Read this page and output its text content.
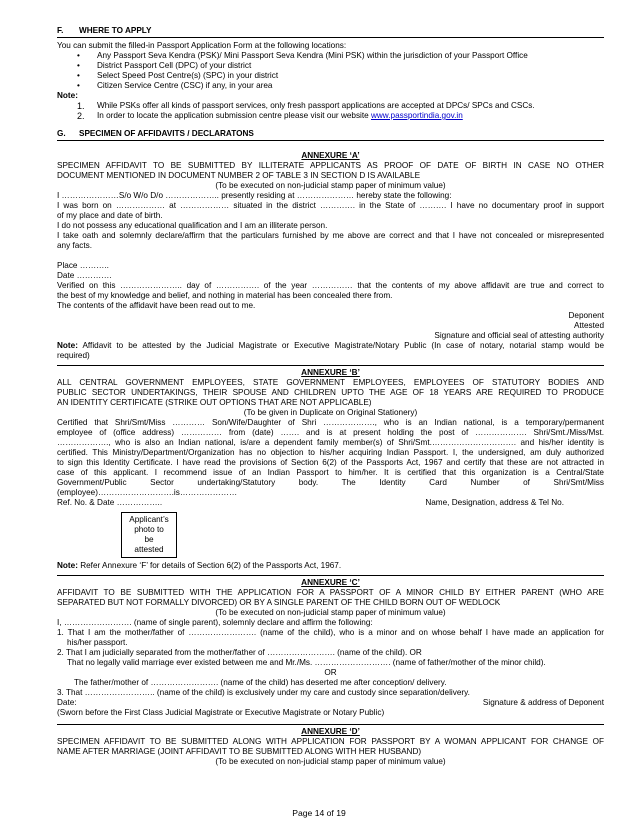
F. WHERE TO APPLY

You can submit the filled-in Passport Application Form at the following locations:

• Any Passport Seva Kendra (PSK)/ Mini Passport Seva Kendra (Mini PSK) within the jurisdiction of your Passport Office
• District Passport Cell (DPC) of your district
• Select Speed Post Centre(s) (SPC) in your district
• Citizen Service Centre (CSC) if any, in your area

Note:

1. While PSKs offer all kinds of passport services, only fresh passport applications are accepted at DPCs/ SPCs and CSCs.
2. In order to locate the application submission centre please visit our website www.passportindia.gov.in
G. SPECIMEN OF AFFIDAVITS / DECLARATONS

ANNEXURE ‘A’

SPECIMEN AFFIDAVIT TO BE SUBMITTED BY ILLITERATE APPLICANTS AS PROOF OF DATE OF BIRTH IN CASE NO OTHER

DOCUMENT MENTIONED IN DOCUMENT NUMBER 2 OF TABLE 3 IN SECTION D IS AVAILABLE

(To be executed on non-judicial stamp paper of minimum value)

I …………………S/o W/o D/o ……………….. presently residing at ………………… hereby state the following:

I was born on ……………… at ……………… situated in the district …………. in the State of ………. I have no documentary proof in support

of my place and date of birth.

I do not possess any educational qualification and I am an illiterate person.

I take oath and solemnly declare/affirm that the particulars furnished by me above are correct and that I have not concealed or misrepresented

any facts.

Place ………..

Date ………….

Verified on this ………………….. day of ……………. of the year …………… that the contents of my above affidavit are true and correct to

the best of my knowledge and belief, and nothing in material has been concealed there from.

The contents of the affidavit have been read out to me.

Deponent

Attested

Signature and official seal of attesting authority

Note: Affidavit to be attested by the Judicial Magistrate or Executive Magistrate/Notary Public (In case of notary, notarial stamp would be

required)

ANNEXURE ‘B’

ALL CENTRAL GOVERNMENT EMPLOYEES, STATE GOVERNMENT EMPLOYEES, EMPLOYEES OF STATUTORY BODIES AND

PUBLIC SECTOR UNDERTAKINGS, THEIR SPOUSE AND CHILDREN UPTO THE AGE OF 18 YEARS ARE REQUIRED TO PRODUCE

AN IDENTITY CERTIFICATE (STRIKE OUT OPTIONS THAT ARE NOT APPLICABLE)

(To be given in Duplicate on Original Stationery)

Certified that Shri/Smt/Miss ………… Son/Wife/Daughter of Shri ………………., who is an Indian national, is a temporary/permanent

employee of (office address) …………… from (date) ……. and is at present holding the post of ………………. Shri/Smt./Miss/Mst.

………………., who is also an Indian national, is/are a dependent family member(s) of Shri/Smt.…………………………. and his/her identity is

certified. This Ministry/Department/Organization has no objection to his/her acquiring Indian Passport. I, the undersigned, am duly authorized

to sign this Identity Certificate. I have read the provisions of Section 6(2) of the Passports Act, 1967 and certify that these are not attracted in

case of this applicant. I recommend issue of an Indian Passport to him/her. It is certified that this organization is a Central/State

Government/Public Sector undertaking/Statutory body. The Identity Card Number of Shri/Smt/Miss

(employee)……………………….is…………………

Ref. No. & Date ……………..	Name, Designation, address & Tel No.
Applicant’s
photo to
be
attested

Note: Refer Annexure ‘F’ for details of Section 6(2) of the Passports Act, 1967.

ANNEXURE ‘C’

AFFIDAVIT TO BE SUBMITTED WITH THE APPLICATION FOR A PASSPORT OF A MINOR CHILD BY EITHER PARENT (WHO ARE

SEPARATED BUT NOT FORMALLY DIVORCED) OR BY A SINGLE PARENT OF THE CHILD BORN OUT OF WEDLOCK

(To be executed on non-judicial stamp paper of minimum value)

I, ……………………. (name of single parent), solemnly declare and affirm the following:

1. That I am the mother/father of ……………………. (name of the child), who is a minor and on whose behalf I have made an application for

his/her passport.

2. That I am judicially separated from the mother/father of ……………………. (name of the child). OR

That no legally valid marriage ever existed between me and Mr./Ms. ………………………. (name of father/mother of the minor child).

OR

The father/mother of ……………………. (name of the child) has deserted me after conception/ delivery.

3. That …………………….. (name of the child) is exclusively under my care and custody since separation/delivery.

Date:	Signature & address of Deponent

(Sworn before the First Class Judicial Magistrate or Executive Magistrate or Notary Public)

ANNEXURE ‘D’

SPECIMEN AFFIDAVIT TO BE SUBMITTED ALONG WITH APPLICATION FOR PASSPORT BY A WOMAN APPLICANT FOR CHANGE OF

NAME AFTER MARRIAGE (JOINT AFFIDAVIT TO BE SUBMITTED ALONG WITH HER HUSBAND)

(To be executed on non-judicial stamp paper of minimum value)

Page 14 of 19
